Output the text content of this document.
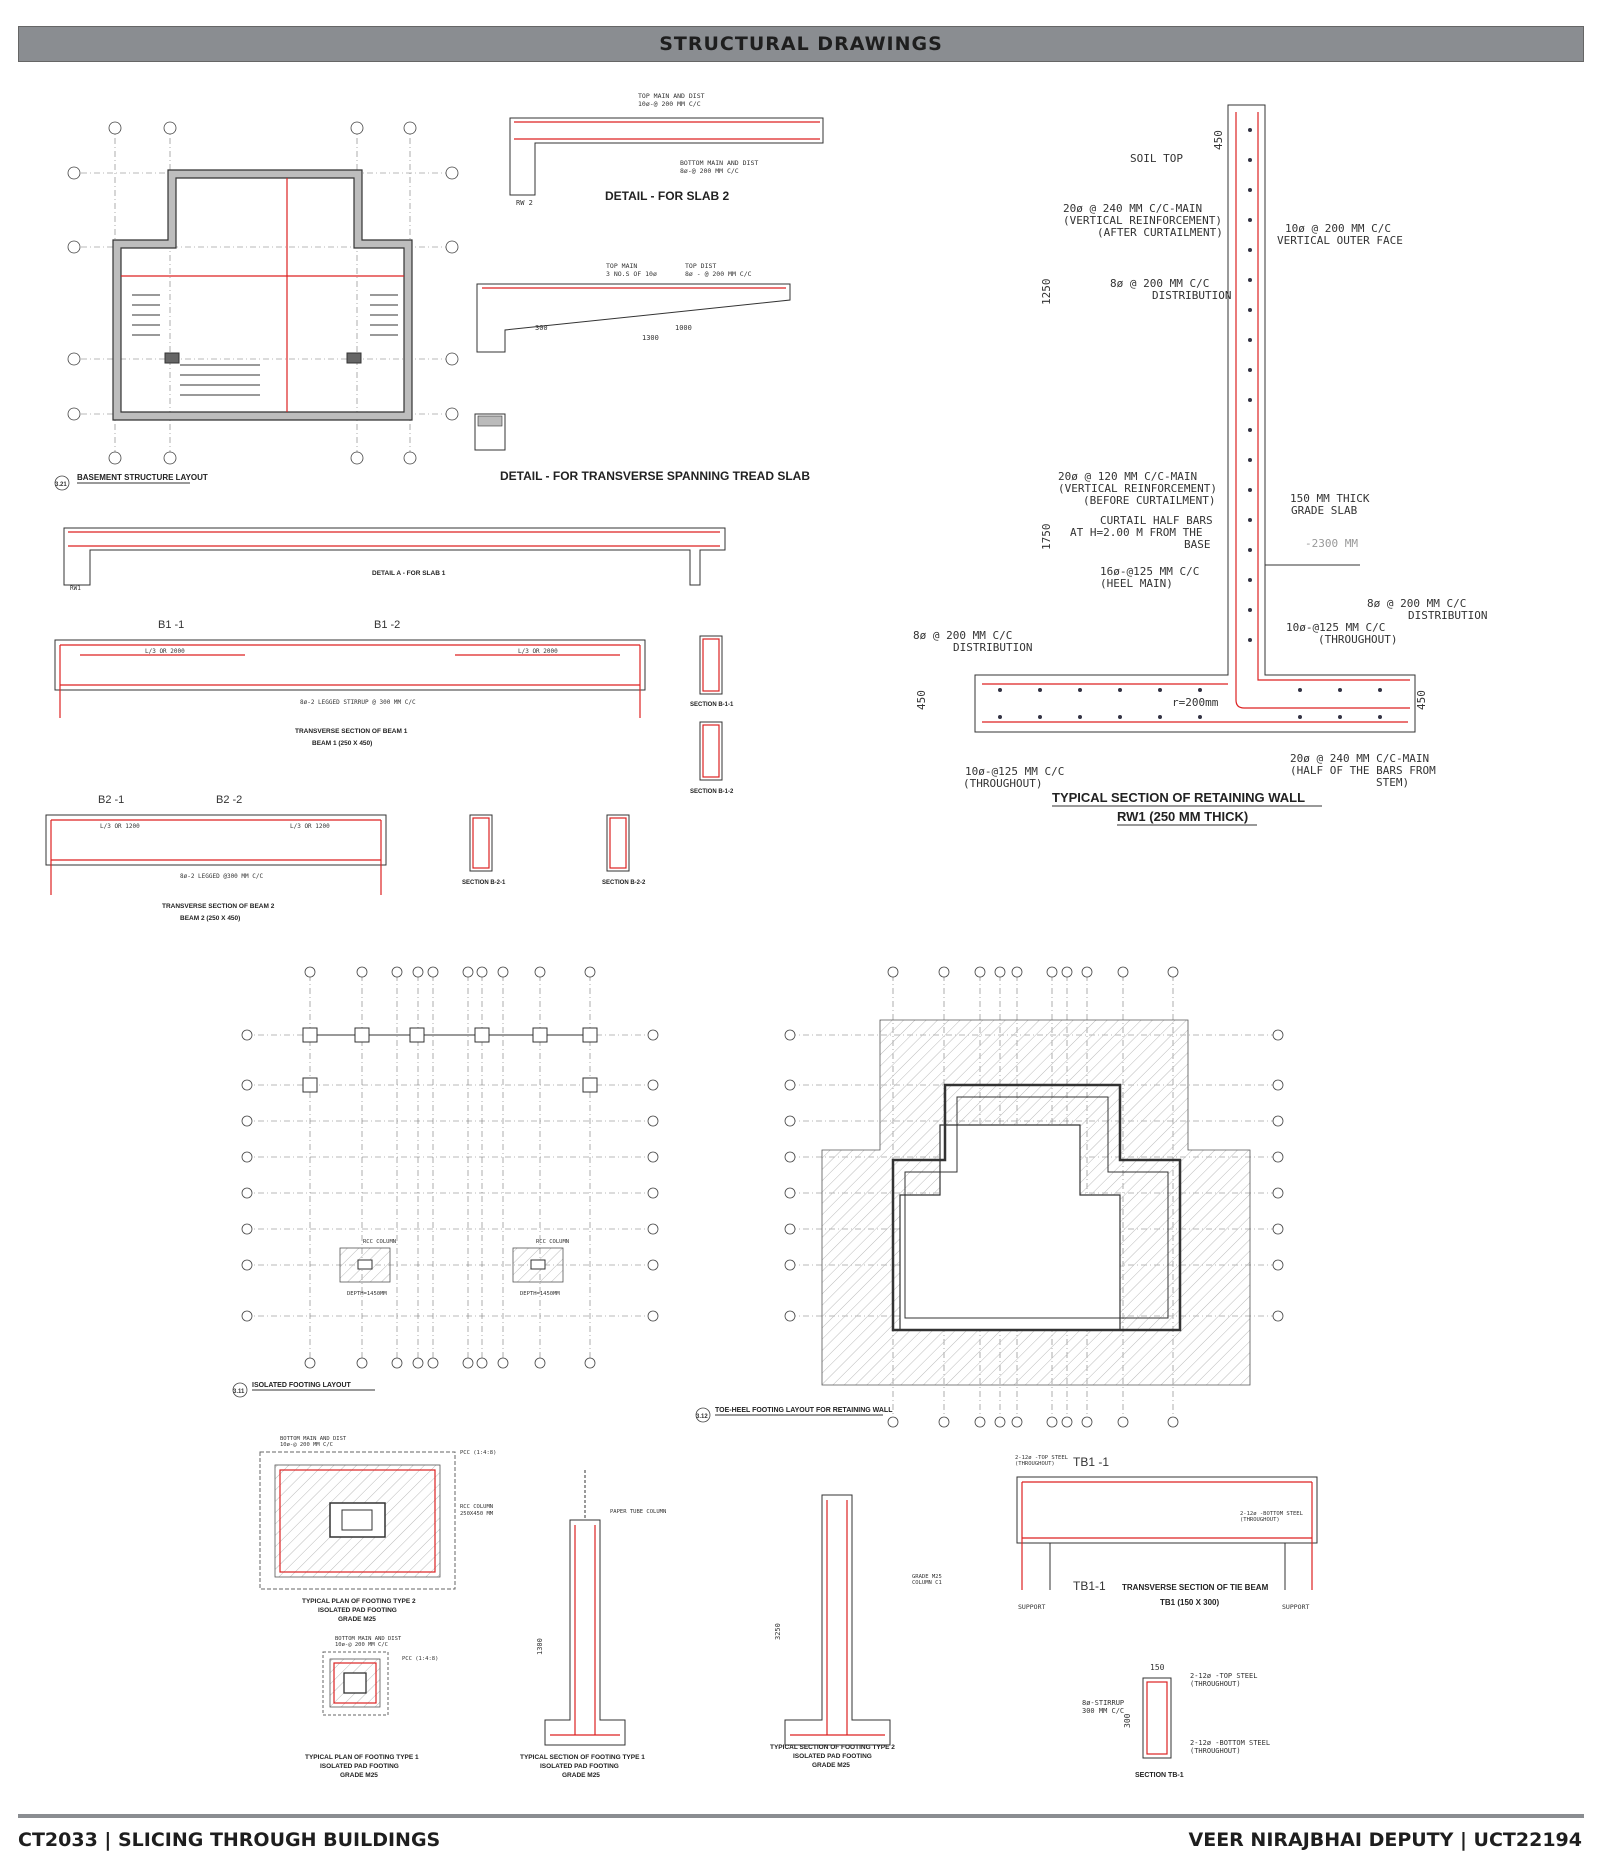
STRUCTURAL DRAWINGS
3.21
BASEMENT STRUCTURE LAYOUT
TOP MAIN AND DIST
10ø-@ 200 MM C/C
BOTTOM MAIN AND DIST
8ø-@ 200 MM C/C
RW 2	DETAIL - FOR SLAB 2
TOP MAIN
3 NO.S OF 10ø
TOP DIST
8ø - @ 200 MM C/C
300	1000
1300
DETAIL - FOR TRANSVERSE SPANNING TREAD SLAB
DETAIL A - FOR SLAB 1
RW1
B1 -1	B1 -2
L/3 OR 2000	L/3 OR 2000
8ø-2 LEGGED STIRRUP @ 300 MM C/C
TRANSVERSE SECTION OF BEAM 1
BEAM 1 (250 X 450)
SECTION B-1-1
SECTION B-1-2
B2 -1	B2 -2
L/3 OR 1200	L/3 OR 1200
8ø-2 LEGGED @300 MM C/C
TRANSVERSE SECTION OF BEAM 2
BEAM 2 (250 X 450)
SECTION B-2-1	SECTION B-2-2
SOIL TOP
450
1250
1750
450	450
20ø @ 240 MM C/C-MAIN
(VERTICAL REINFORCEMENT)
(AFTER CURTAILMENT)	10ø @ 200 MM C/C
VERTICAL OUTER FACE
8ø @ 200 MM C/C
DISTRIBUTION
20ø @ 120 MM C/C-MAIN
(VERTICAL REINFORCEMENT)
(BEFORE CURTAILMENT)
CURTAIL HALF BARS
AT H=2.00 M FROM THE
BASE
150 MM THICK
GRADE SLAB
-2300 MM
16ø-@125 MM C/C
(HEEL MAIN)
8ø @ 200 MM C/C
DISTRIBUTION
8ø @ 200 MM C/C
DISTRIBUTION
10ø-@125 MM C/C
(THROUGHOUT)
r=200mm
10ø-@125 MM C/C
(THROUGHOUT)
20ø @ 240 MM C/C-MAIN
(HALF OF THE BARS FROM
STEM)
TYPICAL SECTION OF RETAINING WALL
RW1 (250 MM THICK)
RCC COLUMN	RCC COLUMN
DEPTH=1450MM	DEPTH=1450MM
3.11
ISOLATED FOOTING LAYOUT
3.12
TOE-HEEL FOOTING LAYOUT FOR RETAINING WALL
BOTTOM MAIN AND DIST
10ø-@ 200 MM C/C
PCC (1:4:8)
RCC COLUMN
250X450 MM
TYPICAL PLAN OF FOOTING TYPE 2
ISOLATED PAD FOOTING
GRADE M25
BOTTOM MAIN AND DIST
10ø-@ 200 MM C/C
PCC (1:4:8)
TYPICAL PLAN OF FOOTING TYPE 1
ISOLATED PAD FOOTING
GRADE M25
PAPER TUBE COLUMN
1300
TYPICAL SECTION OF FOOTING TYPE 1
ISOLATED PAD FOOTING
GRADE M25
3250
GRADE M25
COLUMN C1
TYPICAL SECTION OF FOOTING TYPE 2
ISOLATED PAD FOOTING
GRADE M25
TB1 -1
TB1-1
2-12ø -TOP STEEL
(THROUGHOUT)
2-12ø -BOTTOM STEEL
(THROUGHOUT)
TRANSVERSE SECTION OF TIE BEAM
TB1 (150 X 300)
SUPPORT	SUPPORT
150
300
2-12ø -TOP STEEL
(THROUGHOUT)
8ø-STIRRUP
300 MM C/C
2-12ø -BOTTOM STEEL
(THROUGHOUT)
SECTION TB-1
CT2033 | SLICING THROUGH BUILDINGS	VEER NIRAJBHAI DEPUTY | UCT22194
